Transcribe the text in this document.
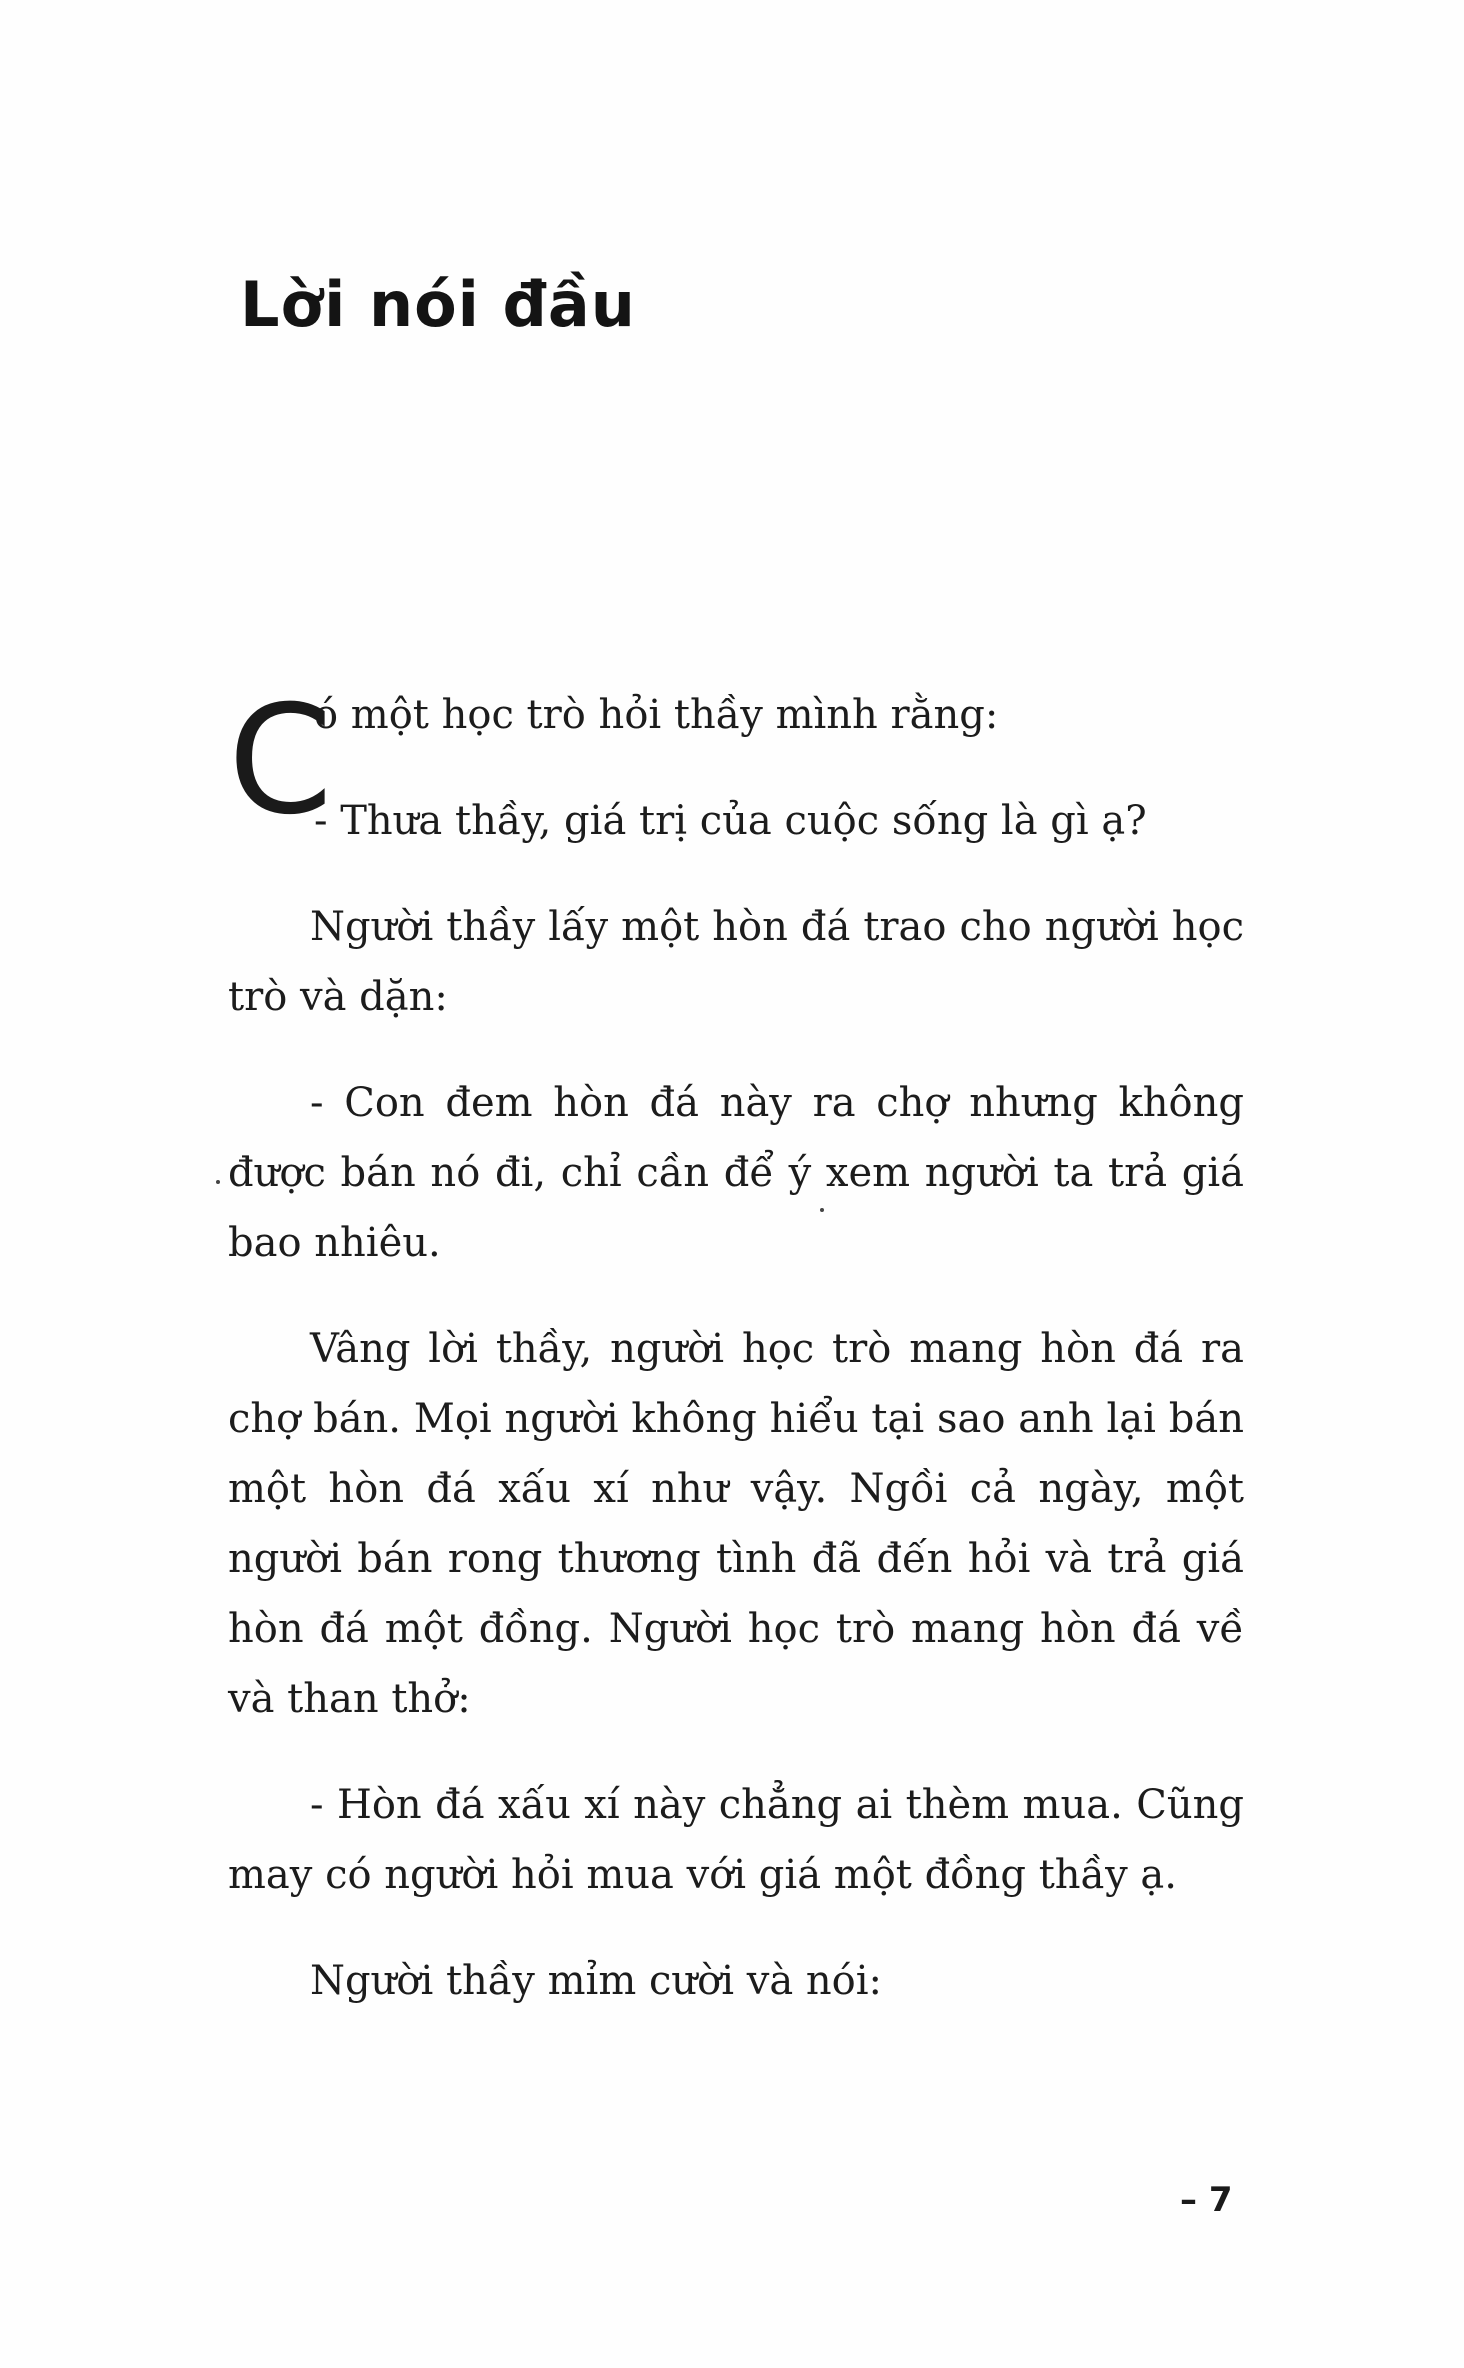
Lời nói đầu

C
ó một học trò hỏi thầy mình rằng:
- Thưa thầy, giá trị của cuộc sống là gì ạ?

Người thầy lấy một hòn đá trao cho người học trò và dặn:

- Con đem hòn đá này ra chợ nhưng không được bán nó đi, chỉ cần để ý xem người ta trả giá bao nhiêu.

Vâng lời thầy, người học trò mang hòn đá ra chợ bán. Mọi người không hiểu tại sao anh lại bán một hòn đá xấu xí như vậy. Ngồi cả ngày, một người bán rong thương tình đã đến hỏi và trả giá hòn đá một đồng. Người học trò mang hòn đá về và than thở:

- Hòn đá xấu xí này chẳng ai thèm mua. Cũng may có người hỏi mua với giá một đồng thầy ạ.

Người thầy mỉm cười và nói:

– 7
